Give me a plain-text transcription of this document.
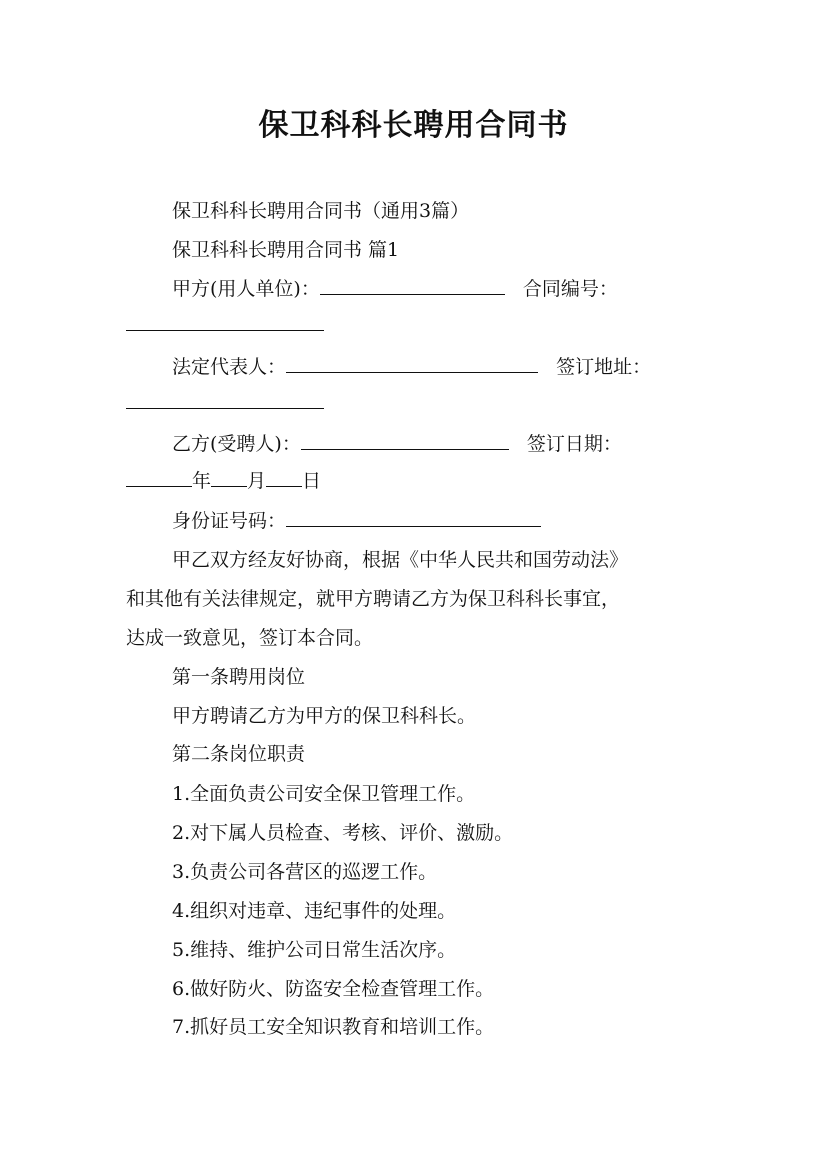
保卫科科长聘用合同书
保卫科科长聘用合同书（通用3篇）
保卫科科长聘用合同书 篇1
甲方(用人单位)：	合同编号：
法定代表人：	签订地址：
乙方(受聘人)：	签订日期：
年 月 日
身份证号码：
甲乙双方经友好协商，根据《中华人民共和国劳动法》
和其他有关法律规定，就甲方聘请乙方为保卫科科长事宜，
达成一致意见，签订本合同。
第一条聘用岗位
甲方聘请乙方为甲方的保卫科科长。
第二条岗位职责
1.全面负责公司安全保卫管理工作。
2.对下属人员检查、考核、评价、激励。
3.负责公司各营区的巡逻工作。
4.组织对违章、违纪事件的处理。
5.维持、维护公司日常生活次序。
6.做好防火、防盗安全检查管理工作。
7.抓好员工安全知识教育和培训工作。
